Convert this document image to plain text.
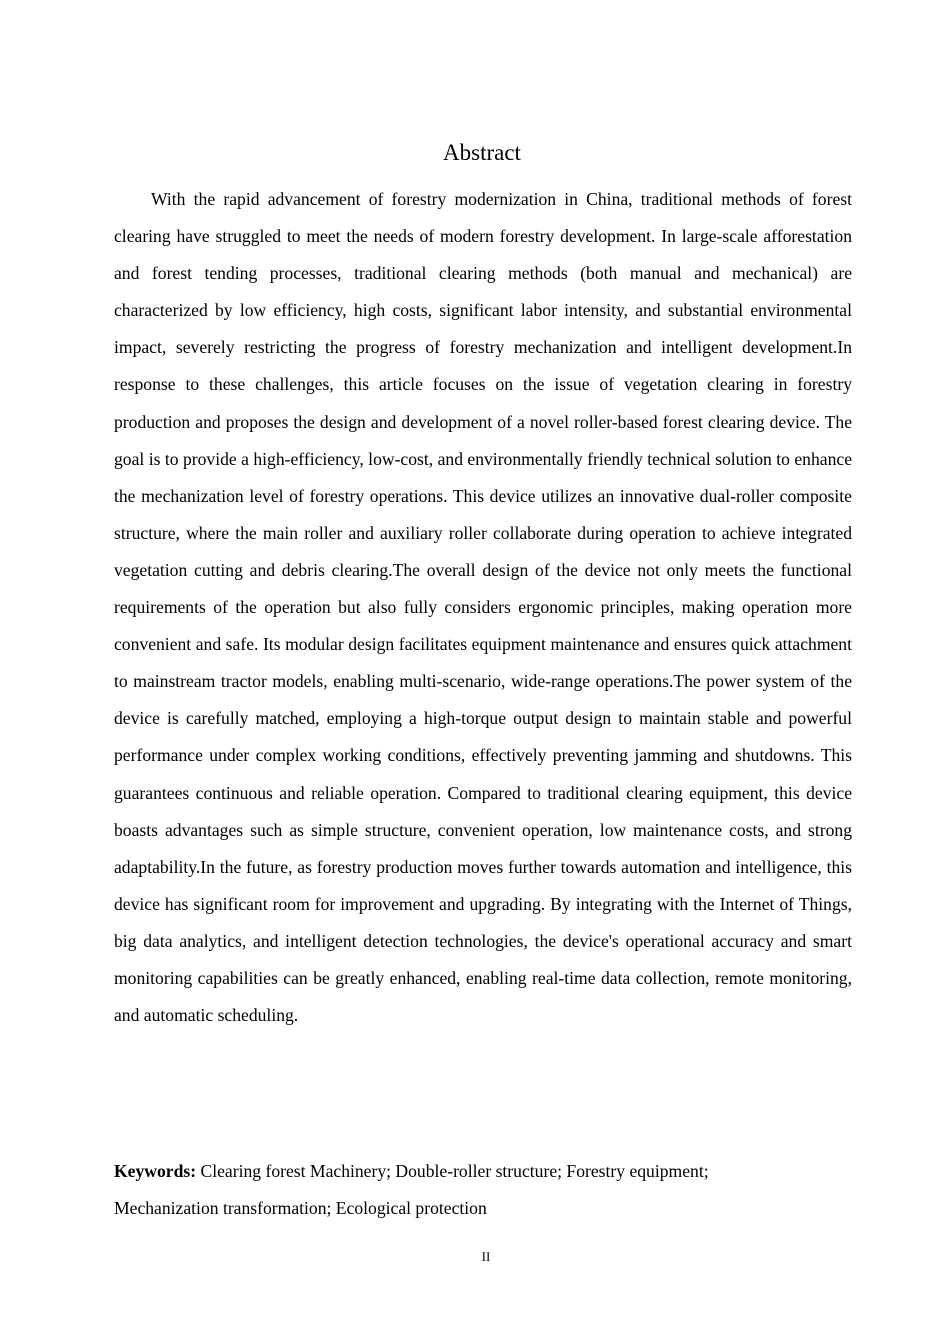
Abstract

With the rapid advancement of forestry modernization in China, traditional methods of forest clearing have struggled to meet the needs of modern forestry development. In large-scale afforestation and forest tending processes, traditional clearing methods (both manual and mechanical) are characterized by low efficiency, high costs, significant labor intensity, and substantial environmental impact, severely restricting the progress of forestry mechanization and intelligent development.In response to these challenges, this article focuses on the issue of vegetation clearing in forestry production and proposes the design and development of a novel roller-based forest clearing device. The goal is to provide a high-efficiency, low-cost, and environmentally friendly technical solution to enhance the mechanization level of forestry operations. This device utilizes an innovative dual-roller composite structure, where the main roller and auxiliary roller collaborate during operation to achieve integrated vegetation cutting and debris clearing.The overall design of the device not only meets the functional requirements of the operation but also fully considers ergonomic principles, making operation more convenient and safe. Its modular design facilitates equipment maintenance and ensures quick attachment to mainstream tractor models, enabling multi-scenario, wide-range operations.The power system of the device is carefully matched, employing a high-torque output design to maintain stable and powerful performance under complex working conditions, effectively preventing jamming and shutdowns. This guarantees continuous and reliable operation. Compared to traditional clearing equipment, this device boasts advantages such as simple structure, convenient operation, low maintenance costs, and strong adaptability.In the future, as forestry production moves further towards automation and intelligence, this device has significant room for improvement and upgrading. By integrating with the Internet of Things, big data analytics, and intelligent detection technologies, the device's operational accuracy and smart monitoring capabilities can be greatly enhanced, enabling real-time data collection, remote monitoring, and automatic scheduling.

Keywords: Clearing forest Machinery; Double-roller structure; Forestry equipment;
Mechanization transformation; Ecological protection

II
